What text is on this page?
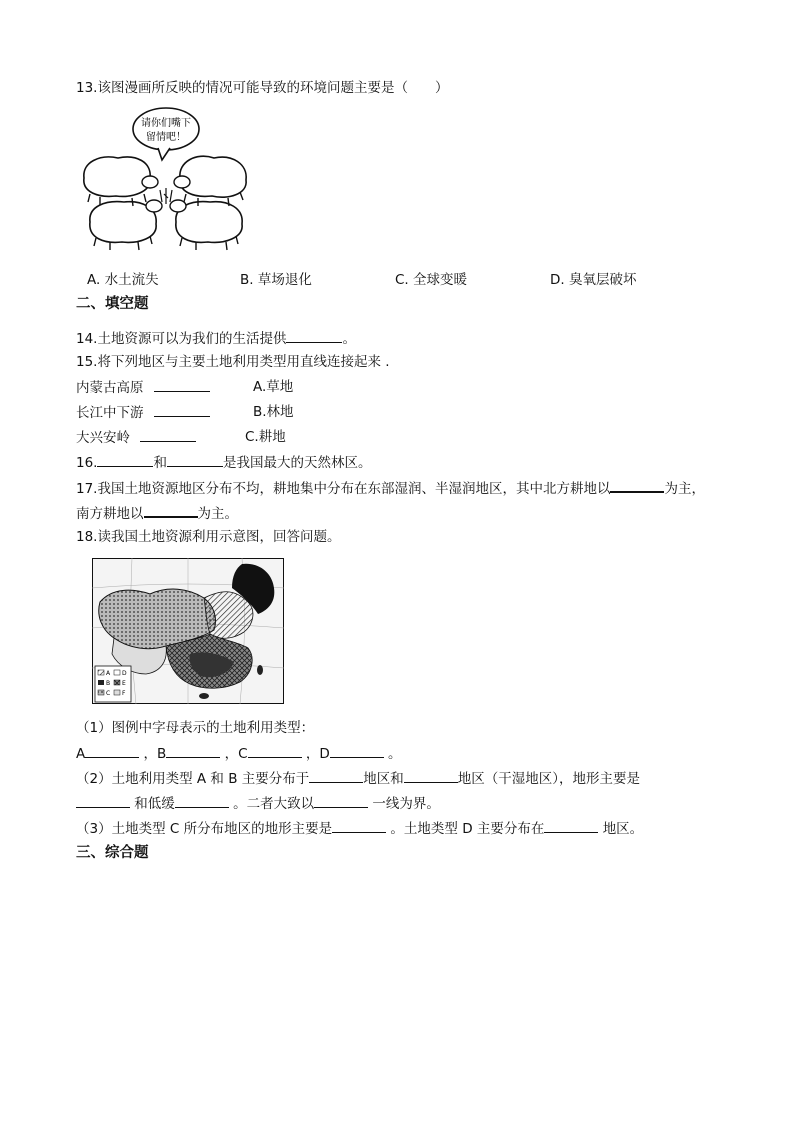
13.该图漫画所反映的情况可能导致的环境问题主要是（　　）
请你们嘴下
留情吧！
A. 水土流失	B. 草场退化	C. 全球变暖	D. 臭氧层破坏
二、填空题
14.土地资源可以为我们的生活提供	。
15.将下列地区与主要土地利用类型用直线连接起来 .
内蒙古高原	A.草地
长江中下游	B.林地
大兴安岭	C.耕地
16.	和	是我国最大的天然林区。
17.我国土地资源地区分布不均，耕地集中分布在东部湿润、半湿润地区，其中北方耕地以	为主，
南方耕地以	为主。
18.读我国土地资源利用示意图，回答问题。
A
B
C
D
E
F
（1）图例中字母表示的土地利用类型：
A	，B	，C	，D	。
（2）土地利用类型 A 和 B 主要分布于	地区和	地区（干湿地区），地形主要是
和低缓	。二者大致以	一线为界。
（3）土地类型 C 所分布地区的地形主要是	。土地类型 D 主要分布在	地区。
三、综合题
